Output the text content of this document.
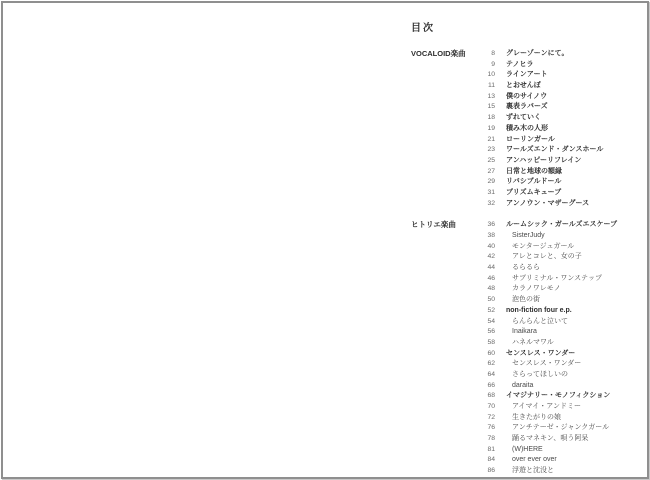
目次
VOCALOID楽曲	8 グレーゾーンにて。
9 テノヒラ
10 ラインアート
11 とおせんぼ
13 僕のサイノウ
15 裏表ラバーズ
18 ずれていく
19 積み木の人形
21 ローリンガール
23 ワールズエンド・ダンスホール
25 アンハッピーリフレイン
27 日常と地球の額縁
29 リバシブルドール
31 プリズムキューブ
32 アンノウン・マザーグース
ヒトリエ楽曲	36 ルームシック・ガールズエスケープ
38 SisterJudy
40 モンタージュガール
42 アレとコレと、女の子
44 るらるら
46 サブリミナル・ワンステップ
48 カラノワレモノ
50 泡色の街
52 non-fiction four e.p.
54 らんらんと泣いて
56 Inaikara
58 ハネルマワル
60 センスレス・ワンダー
62 センスレス・ワンダー
64 さらってほしいの
66 daraita
68 イマジナリー・モノフィクション
70 アイマイ・アンドミー
72 生きたがりの娘
76 アンチテーゼ・ジャンクガール
78 踊るマネキン、唄う阿呆
81 (W)HERE
84 over ever over
86 浮遊と沈没と
